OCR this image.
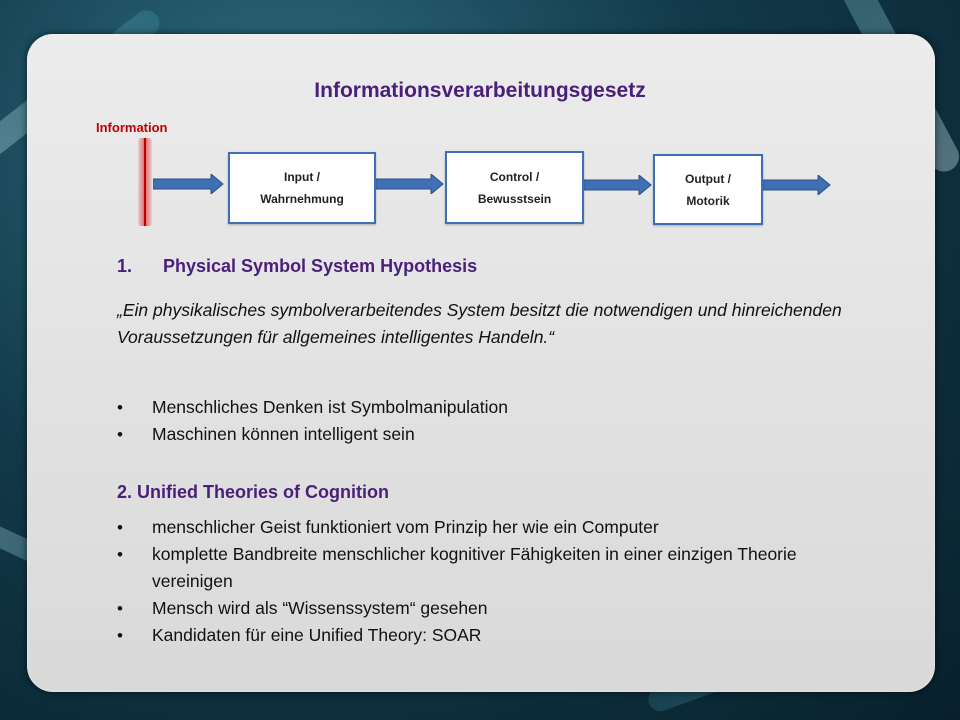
Informationsverarbeitungsgesetz
Information
Input /
Wahrnehmung
Control /
Bewusstsein
Output /
Motorik
1. Physical Symbol System Hypothesis
„Ein physikalisches symbolverarbeitendes System besitzt die notwendigen und hinreichenden Voraussetzungen für allgemeines intelligentes Handeln.“
• Menschliches Denken ist Symbolmanipulation
• Maschinen können intelligent sein
2. Unified Theories of Cognition
• menschlicher Geist funktioniert vom Prinzip her wie ein Computer
• komplette Bandbreite menschlicher kognitiver Fähigkeiten in einer einzigen Theorie vereinigen
• Mensch wird als “Wissenssystem“ gesehen
• Kandidaten für eine Unified Theory: SOAR
